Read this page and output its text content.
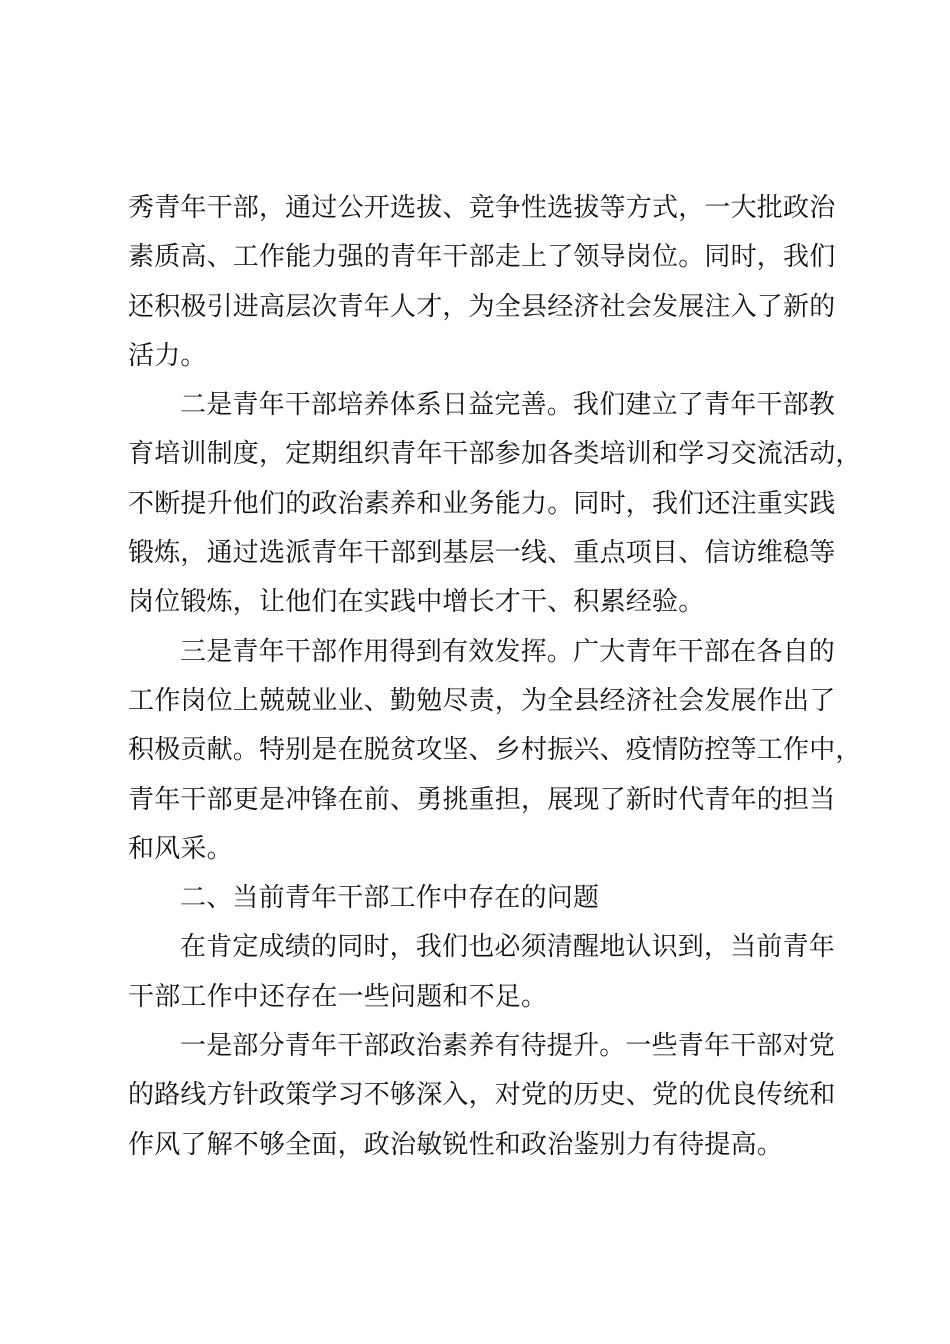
秀青年干部，通过公开选拔、竞争性选拔等方式，一大批政治
素质高、工作能力强的青年干部走上了领导岗位。同时，我们
还积极引进高层次青年人才，为全县经济社会发展注入了新的
活力。
二是青年干部培养体系日益完善。我们建立了青年干部教
育培训制度，定期组织青年干部参加各类培训和学习交流活动，
不断提升他们的政治素养和业务能力。同时，我们还注重实践
锻炼，通过选派青年干部到基层一线、重点项目、信访维稳等
岗位锻炼，让他们在实践中增长才干、积累经验。
三是青年干部作用得到有效发挥。广大青年干部在各自的
工作岗位上兢兢业业、勤勉尽责，为全县经济社会发展作出了
积极贡献。特别是在脱贫攻坚、乡村振兴、疫情防控等工作中，
青年干部更是冲锋在前、勇挑重担，展现了新时代青年的担当
和风采。
二、当前青年干部工作中存在的问题
在肯定成绩的同时，我们也必须清醒地认识到，当前青年
干部工作中还存在一些问题和不足。
一是部分青年干部政治素养有待提升。一些青年干部对党
的路线方针政策学习不够深入，对党的历史、党的优良传统和
作风了解不够全面，政治敏锐性和政治鉴别力有待提高。
